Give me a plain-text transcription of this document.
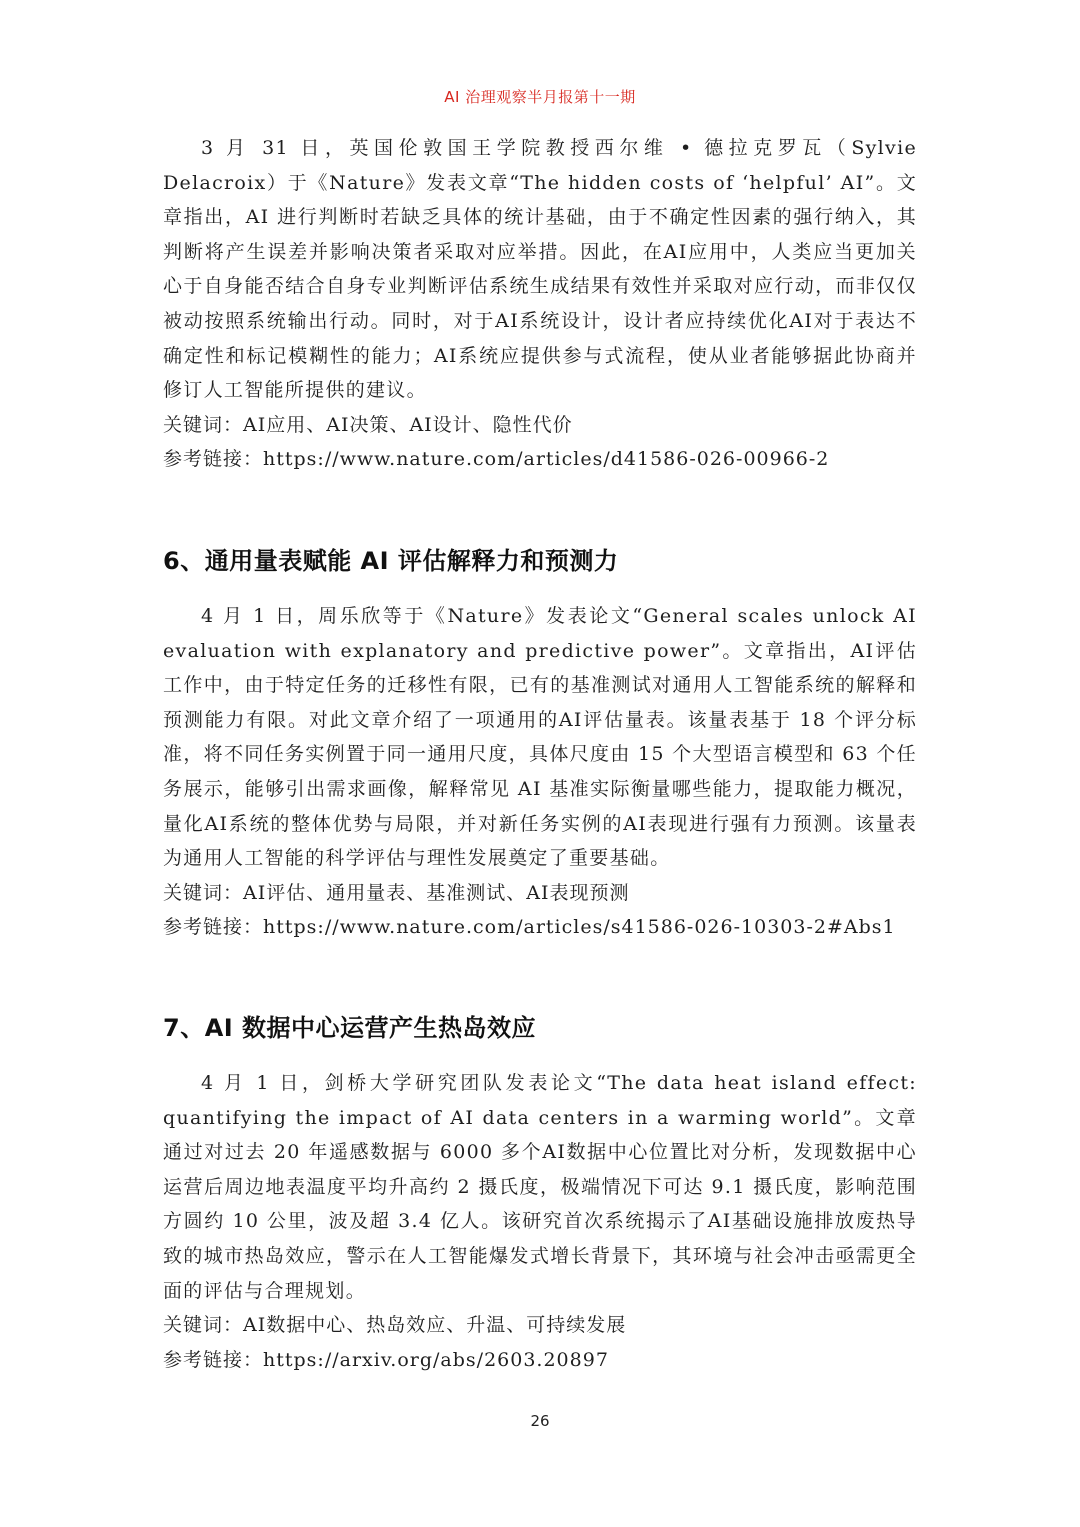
AI 治理观察半月报第十一期

3 月 31 日，英国伦敦国王学院教授西尔维 • 德拉克罗瓦（Sylvie Delacroix）于《Nature》发表文章“The hidden costs of ‘helpful’ AI”。文章指出，AI 进行判断时若缺乏具体的统计基础，由于不确定性因素的强行纳入，其判断将产生误差并影响决策者采取对应举措。因此，在AI应用中，人类应当更加关心于自身能否结合自身专业判断评估系统生成结果有效性并采取对应行动，而非仅仅被动按照系统输出行动。同时，对于AI系统设计，设计者应持续优化AI对于表达不确定性和标记模糊性的能力；AI系统应提供参与式流程，使从业者能够据此协商并修订人工智能所提供的建议。

关键词：AI应用、AI决策、AI设计、隐性代价

参考链接：https://www.nature.com/articles/d41586-026-00966-2

6、通用量表赋能 AI 评估解释力和预测力

4 月 1 日，周乐欣等于《Nature》发表论文“General scales unlock AI evaluation with explanatory and predictive power”。文章指出，AI评估工作中，由于特定任务的迁移性有限，已有的基准测试对通用人工智能系统的解释和预测能力有限。对此文章介绍了一项通用的AI评估量表。该量表基于 18 个评分标准，将不同任务实例置于同一通用尺度，具体尺度由 15 个大型语言模型和 63 个任务展示，能够引出需求画像，解释常见 AI 基准实际衡量哪些能力，提取能力概况，量化AI系统的整体优势与局限，并对新任务实例的AI表现进行强有力预测。该量表为通用人工智能的科学评估与理性发展奠定了重要基础。

关键词：AI评估、通用量表、基准测试、AI表现预测

参考链接：https://www.nature.com/articles/s41586-026-10303-2#Abs1

7、AI 数据中心运营产生热岛效应

4 月 1 日，剑桥大学研究团队发表论文“The data heat island effect: quantifying the impact of AI data centers in a warming world”。文章通过对过去 20 年遥感数据与 6000 多个AI数据中心位置比对分析，发现数据中心运营后周边地表温度平均升高约 2 摄氏度，极端情况下可达 9.1 摄氏度，影响范围方圆约 10 公里，波及超 3.4 亿人。该研究首次系统揭示了AI基础设施排放废热导致的城市热岛效应，警示在人工智能爆发式增长背景下，其环境与社会冲击亟需更全面的评估与合理规划。

关键词：AI数据中心、热岛效应、升温、可持续发展

参考链接：https://arxiv.org/abs/2603.20897

26
